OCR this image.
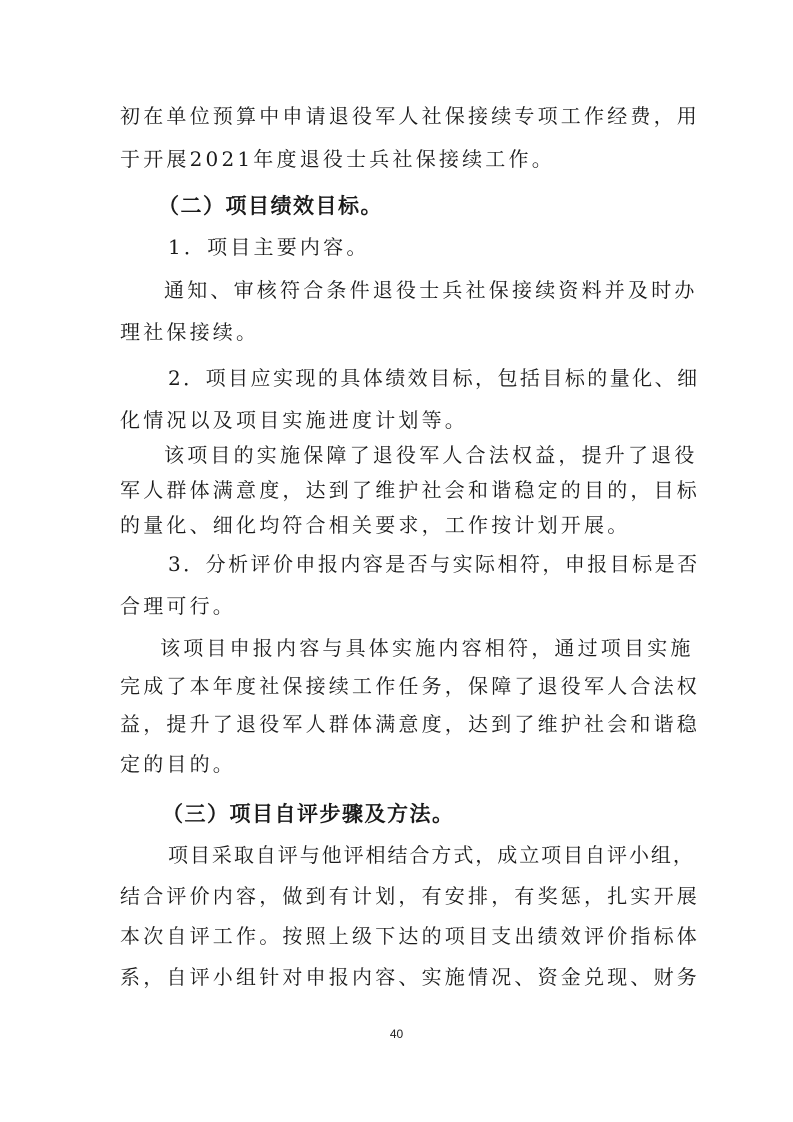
初在单位预算中申请退役军人社保接续专项工作经费，用
于开展2021年度退役士兵社保接续工作。
（二）项目绩效目标。
1．项目主要内容。
通知、审核符合条件退役士兵社保接续资料并及时办
理社保接续。
2．项目应实现的具体绩效目标，包括目标的量化、细
化情况以及项目实施进度计划等。
该项目的实施保障了退役军人合法权益，提升了退役
军人群体满意度，达到了维护社会和谐稳定的目的，目标
的量化、细化均符合相关要求，工作按计划开展。
3．分析评价申报内容是否与实际相符，申报目标是否
合理可行。
该项目申报内容与具体实施内容相符，通过项目实施
完成了本年度社保接续工作任务，保障了退役军人合法权
益，提升了退役军人群体满意度，达到了维护社会和谐稳
定的目的。
（三）项目自评步骤及方法。
项目采取自评与他评相结合方式，成立项目自评小组，
结合评价内容，做到有计划，有安排，有奖惩，扎实开展
本次自评工作。按照上级下达的项目支出绩效评价指标体
系，自评小组针对申报内容、实施情况、资金兑现、财务
40
